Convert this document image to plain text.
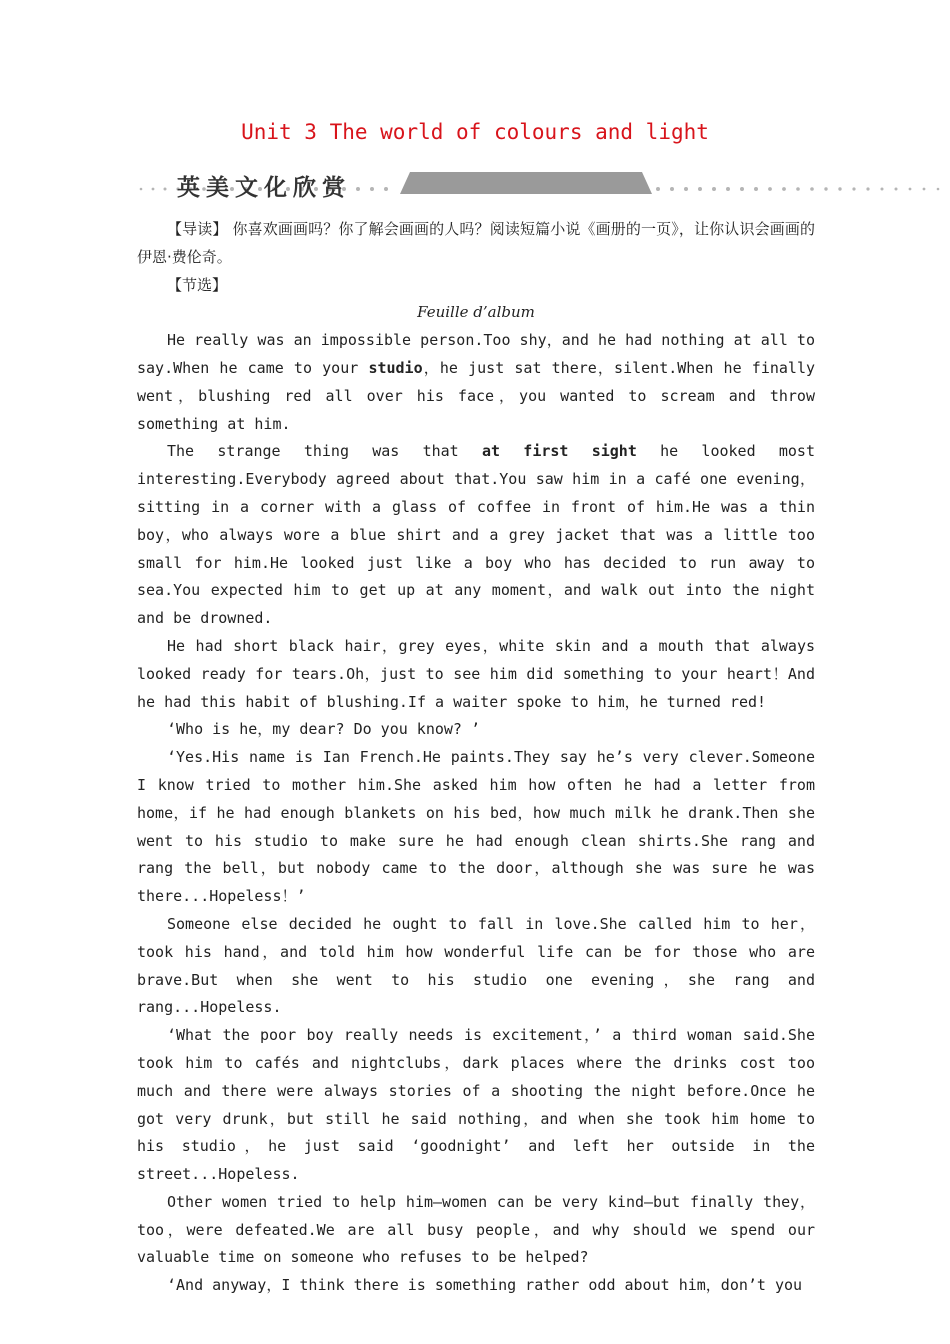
Unit 3 The world of colours and light
英美文化欣赏

【导读】 你喜欢画画吗？你了解会画画的人吗？阅读短篇小说《画册的一页》，让你认识会画画的伊恩·费伦奇。

【节选】

Feuille d’album

He really was an impossible person.Too shy，and he had nothing at all to say.When he came to your studio，he just sat there，silent.When he finally went，blushing red all over his face，you wanted to scream and throw something at him.

The strange thing was that at first sight he looked most interesting.Everybody agreed about that.You saw him in a café one evening，sitting in a corner with a glass of coffee in front of him.He was a thin boy，who always wore a blue shirt and a grey jacket that was a little too small for him.He looked just like a boy who has decided to run away to sea.You expected him to get up at any moment，and walk out into the night and be drowned.

He had short black hair，grey eyes，white skin and a mouth that always looked ready for tears.Oh，just to see him did something to your heart！And he had this habit of blushing.If a waiter spoke to him，he turned red!

‘Who is he，my dear? Do you know? ’

‘Yes.His name is Ian French.He paints.They say he’s very clever.Someone I know tried to mother him.She asked him how often he had a letter from home，if he had enough blankets on his bed，how much milk he drank.Then she went to his studio to make sure he had enough clean shirts.She rang and rang the bell，but nobody came to the door，although she was sure he was there...Hopeless！’

Someone else decided he ought to fall in love.She called him to her，took his hand，and told him how wonderful life can be for those who are brave.But when she went to his studio one evening，she rang and rang...Hopeless.

‘What the poor boy really needs is excitement，’ a third woman said.She took him to cafés and nightclubs，dark places where the drinks cost too much and there were always stories of a shooting the night before.Once he got very drunk，but still he said nothing，and when she took him home to his studio，he just said ‘goodnight’ and left her outside in the street...Hopeless.

Other women tried to help him—women can be very kind—but finally they，too，were defeated.We are all busy people，and why should we spend our valuable time on someone who refuses to be helped?

‘And anyway，I think there is something rather odd about him，don’t you
